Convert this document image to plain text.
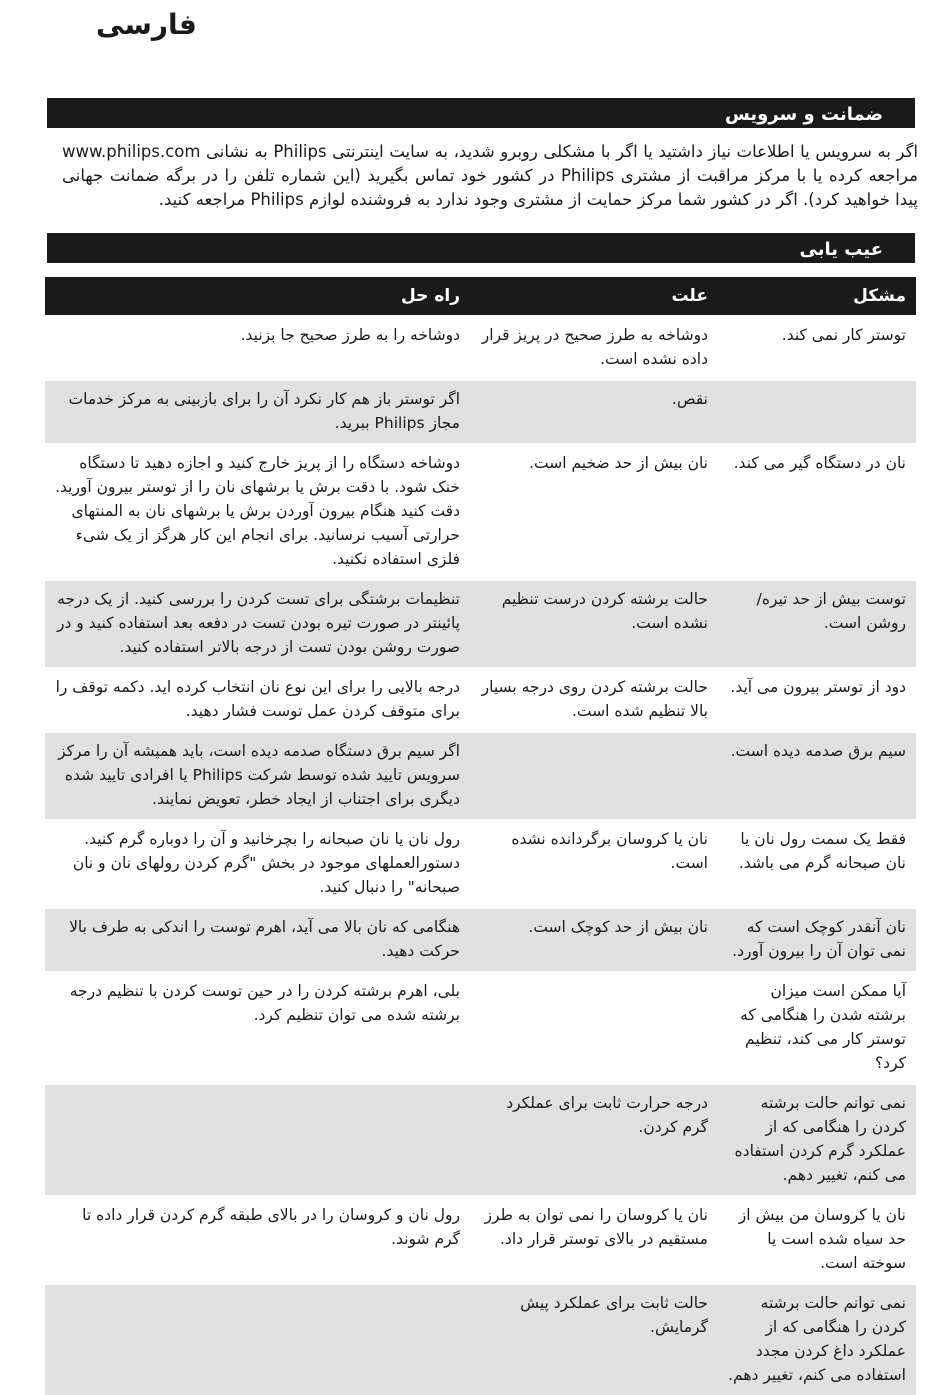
فارسی
ضمانت و سرویس

اگر به سرویس یا اطلاعات نیاز داشتید یا اگر با مشکلی روبرو شدید، به سایت اینترنتی Philips به نشانی www.philips.com مراجعه کرده یا با مرکز مراقبت از مشتری Philips در کشور خود تماس بگیرید (این شماره تلفن را در برگه ضمانت جهانی پیدا خواهید کرد). اگر در کشور شما مرکز حمایت از مشتری وجود ندارد به فروشنده لوازم Philips مراجعه کنید.

عیب یابی
مشکل	علت	راه حل
توستر کار نمی کند.	دوشاخه به طرز صحیح در پریز قرار داده نشده است.	دوشاخه را به طرز صحیح جا بزنید.
	نقص.	اگر توستر باز هم کار نکرد آن را برای بازبینی به مرکز خدمات مجاز Philips ببرید.
نان در دستگاه گیر می کند.	نان بیش از حد ضخیم است.	دوشاخه دستگاه را از پریز خارج کنید و اجازه دهید تا دستگاه خنک شود. با دقت برش یا برشهای نان را از توستر بیرون آورید. دقت کنید هنگام بیرون آوردن برش یا برشهای نان به المنتهای حرارتی آسیب نرسانید. برای انجام این کار هرگز از یک شیء فلزی استفاده نکنید.
توست بیش از حد تیره/روشن است.	حالت برشته کردن درست تنظیم نشده است.	تنظیمات برشتگی برای تست کردن را بررسی کنید. از یک درجه پائینتر در صورت تیره بودن تست در دفعه بعد استفاده کنید و در صورت روشن بودن تست از درجه بالاتر استفاده کنید.
دود از توستر بیرون می آید.	حالت برشته کردن روی درجه بسیار بالا تنظیم شده است.	درجه بالایی را برای این نوع نان انتخاب کرده اید. دکمه توقف را برای متوقف کردن عمل توست فشار دهید.
سیم برق صدمه دیده است.		اگر سیم برق دستگاه صدمه دیده است، باید همیشه آن را مرکز سرویس تایید شده توسط شرکت Philips یا افرادی تایید شده دیگری برای اجتناب از ایجاد خطر، تعویض نمایند.
فقط یک سمت رول نان یا نان صبحانه گرم می باشد.	نان یا کروسان برگردانده نشده است.	رول نان یا نان صبحانه را بچرخانید و آن را دوباره گرم کنید. دستورالعملهای موجود در بخش "گرم کردن رولهای نان و نان صبحانه" را دنبال کنید.
نان آنقدر کوچک است که نمی توان آن را بیرون آورد.	نان بیش از حد کوچک است.	هنگامی که نان بالا می آید، اهرم توست را اندکی به طرف بالا حرکت دهید.
آیا ممکن است میزان برشته شدن را هنگامی که توستر کار می کند، تنظیم کرد؟		بلی، اهرم برشته کردن را در حین توست کردن با تنظیم درجه برشته شده می توان تنظیم کرد.
نمی توانم حالت برشته کردن را هنگامی که از عملکرد گرم کردن استفاده می کنم، تغییر دهم.	درجه حرارت ثابت برای عملکرد گرم کردن.	
نان یا کروسان من بیش از حد سیاه شده است یا سوخته است.	نان یا کروسان را نمی توان به طرز مستقیم در بالای توستر قرار داد.	رول نان و کروسان را در بالای طبقه گرم کردن قرار داده تا گرم شوند.
نمی توانم حالت برشته کردن را هنگامی که از عملکرد داغ کردن مجدد استفاده می کنم، تغییر دهم.	حالت ثابت برای عملکرد پیش گرمایش.	
